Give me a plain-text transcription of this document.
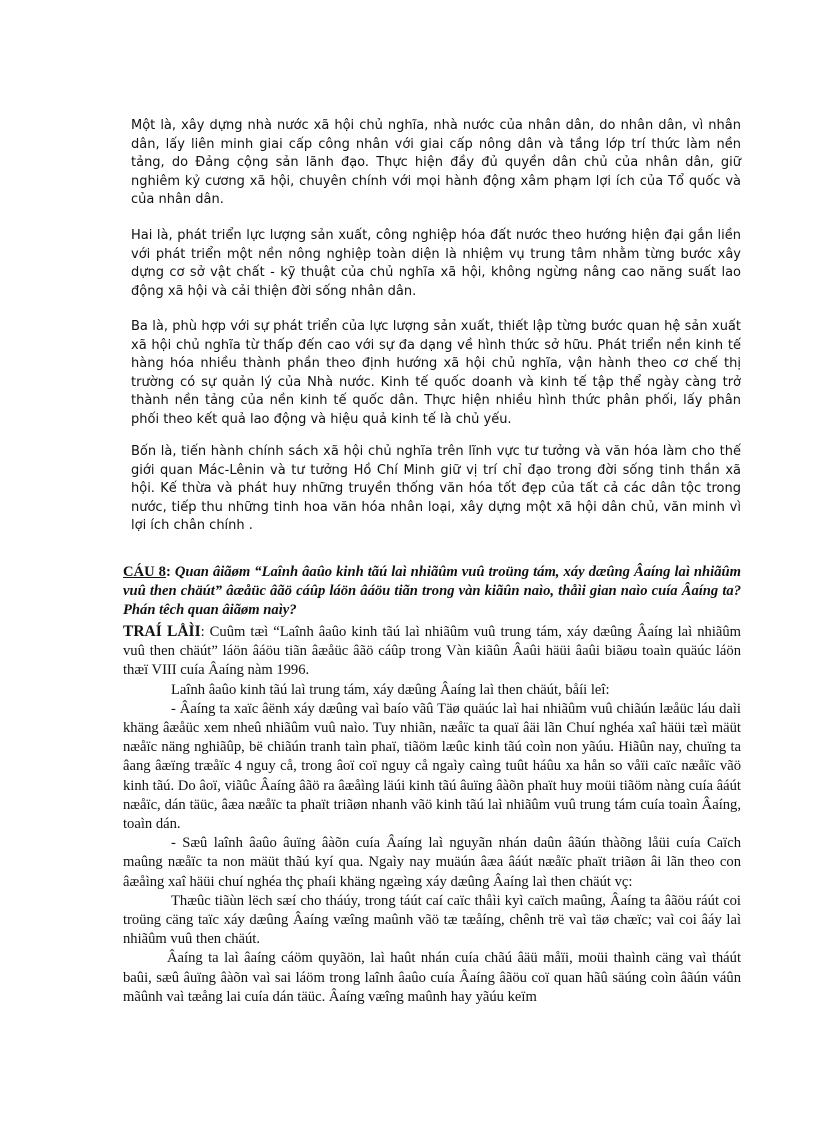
Một là, xây dựng nhà nước xã hội chủ nghĩa, nhà nước của nhân dân, do nhân dân, vì nhân dân, lấy liên minh giai cấp công nhân với giai cấp nông dân và tầng lớp trí thức làm nền tảng, do Đảng cộng sản lãnh đạo. Thực hiện đầy đủ quyền dân chủ của nhân dân, giữ nghiêm kỷ cương xã hội, chuyên chính với mọi hành động xâm phạm lợi ích của Tổ quốc và của nhân dân.
Hai là, phát triển lực lượng sản xuất, công nghiệp hóa đất nước theo hướng hiện đại gắn liền với phát triển một nền nông nghiệp toàn diện là nhiệm vụ trung tâm nhằm từng bước xây dựng cơ sở vật chất - kỹ thuật của chủ nghĩa xã hội, không ngừng nâng cao năng suất lao động xã hội và cải thiện đời sống nhân dân.
Ba là, phù hợp với sự phát triển của lực lượng sản xuất, thiết lập từng bước quan hệ sản xuất xã hội chủ nghĩa từ thấp đến cao với sự đa dạng về hình thức sở hữu. Phát triển nền kinh tế hàng hóa nhiều thành phần theo định hướng xã hội chủ nghĩa, vận hành theo cơ chế thị trường có sự quản lý của Nhà nước. Kinh tế quốc doanh và kinh tế tập thể ngày càng trở thành nền tảng của nền kinh tế quốc dân. Thực hiện nhiều hình thức phân phối, lấy phân phối theo kết quả lao động và hiệu quả kinh tế là chủ yếu.
Bốn là, tiến hành chính sách xã hội chủ nghĩa trên lĩnh vực tư tưởng và văn hóa làm cho thế giới quan Mác-Lênin và tư tưởng Hồ Chí Minh giữ vị trí chỉ đạo trong đời sống tinh thần xã hội. Kế thừa và phát huy những truyền thống văn hóa tốt đẹp của tất cả các dân tộc trong nước, tiếp thu những tinh hoa văn hóa nhân loại, xây dựng một xã hội dân chủ, văn minh vì lợi ích chân chính .

CÁU 8: Quan âiãøm “Laînh âaûo kinh tãú laì nhiãûm vuû troüng tám, xáy dæûng Âaíng laì nhiãûm vuû then chäút” âæåüc âãö cáûp láön âáöu tiãn trong vàn kiãûn naìo, thåìi gian naìo cuía Âaíng ta? Phán têch quan âiãøm naìy?

TRAÍ LÅÌI: Cuûm tæì “Laînh âaûo kinh tãú laì nhiãûm vuû trung tám, xáy dæûng Âaíng laì nhiãûm vuû then chäút” láön âáöu tiãn âæåüc âãö cáûp trong Vàn kiãûn Âaûi häüi âaûi biãøu toaìn quäúc láön thæï VIII cuía Âaíng nàm 1996.

Laînh âaûo kinh tãú laì trung tám, xáy dæûng Âaíng laì then chäút, båíi leî:

- Âaíng ta xaïc âënh xáy dæûng vaì baío vãû Täø quäúc laì hai nhiãûm vuû chiãún læåüc láu daìi khäng âæåüc xem nheû nhiãûm vuû naìo. Tuy nhiãn, næåïc ta quaï âäi lãn Chuí nghéa xaî häüi tæì mäüt næåïc näng nghiãûp, bë chiãún tranh taìn phaï, tiãöm læûc kinh tãú coìn non yãúu. Hiãûn nay, chuïng ta âang âæïng træåïc 4 nguy cå, trong âoï coï nguy cå ngaìy caìng tuût háûu xa hån so våïi caïc næåïc vãö kinh tãú. Do âoï, viãûc Âaíng âãö ra âæåìng läúi kinh tãú âuïng âàõn phaït huy moüi tiãöm nàng cuía âáút næåïc, dán täüc, âæa næåïc ta phaït triãøn nhanh vãö kinh tãú laì nhiãûm vuû trung tám cuía toaìn Âaíng, toaìn dán.

- Sæû laînh âaûo âuïng âàõn cuía Âaíng laì nguyãn nhán daûn âãún thàõng låüi cuía Caïch maûng næåïc ta non mäüt thãú kyí qua. Ngaìy nay muäún âæa âáút næåïc phaït triãøn âi lãn theo con âæåìng xaî häüi chuí nghéa thç phaíi khäng ngæìng xáy dæûng Âaíng laì then chäút vç:

Thæûc tiãùn lëch sæí cho tháúy, trong táút caí caïc thåìi kyì caïch maûng, Âaíng ta âãöu ráút coi troüng cäng taïc xáy dæûng Âaíng væîng maûnh vãö tæ tæåíng, chênh trë vaì täø chæïc; vaì coi âáy laì nhiãûm vuû then chäút.

Âaíng ta laì âaíng cáöm quyãön, laì haût nhán cuía chãú âäü måïi, moüi thaình cäng vaì tháút baûi, sæû âuïng âàõn vaì sai láöm trong laînh âaûo cuía Âaíng âãöu coï quan hãû säúng coìn âãún váûn mãûnh vaì tæång lai cuía dán täüc. Âaíng væîng maûnh hay yãúu keïm
